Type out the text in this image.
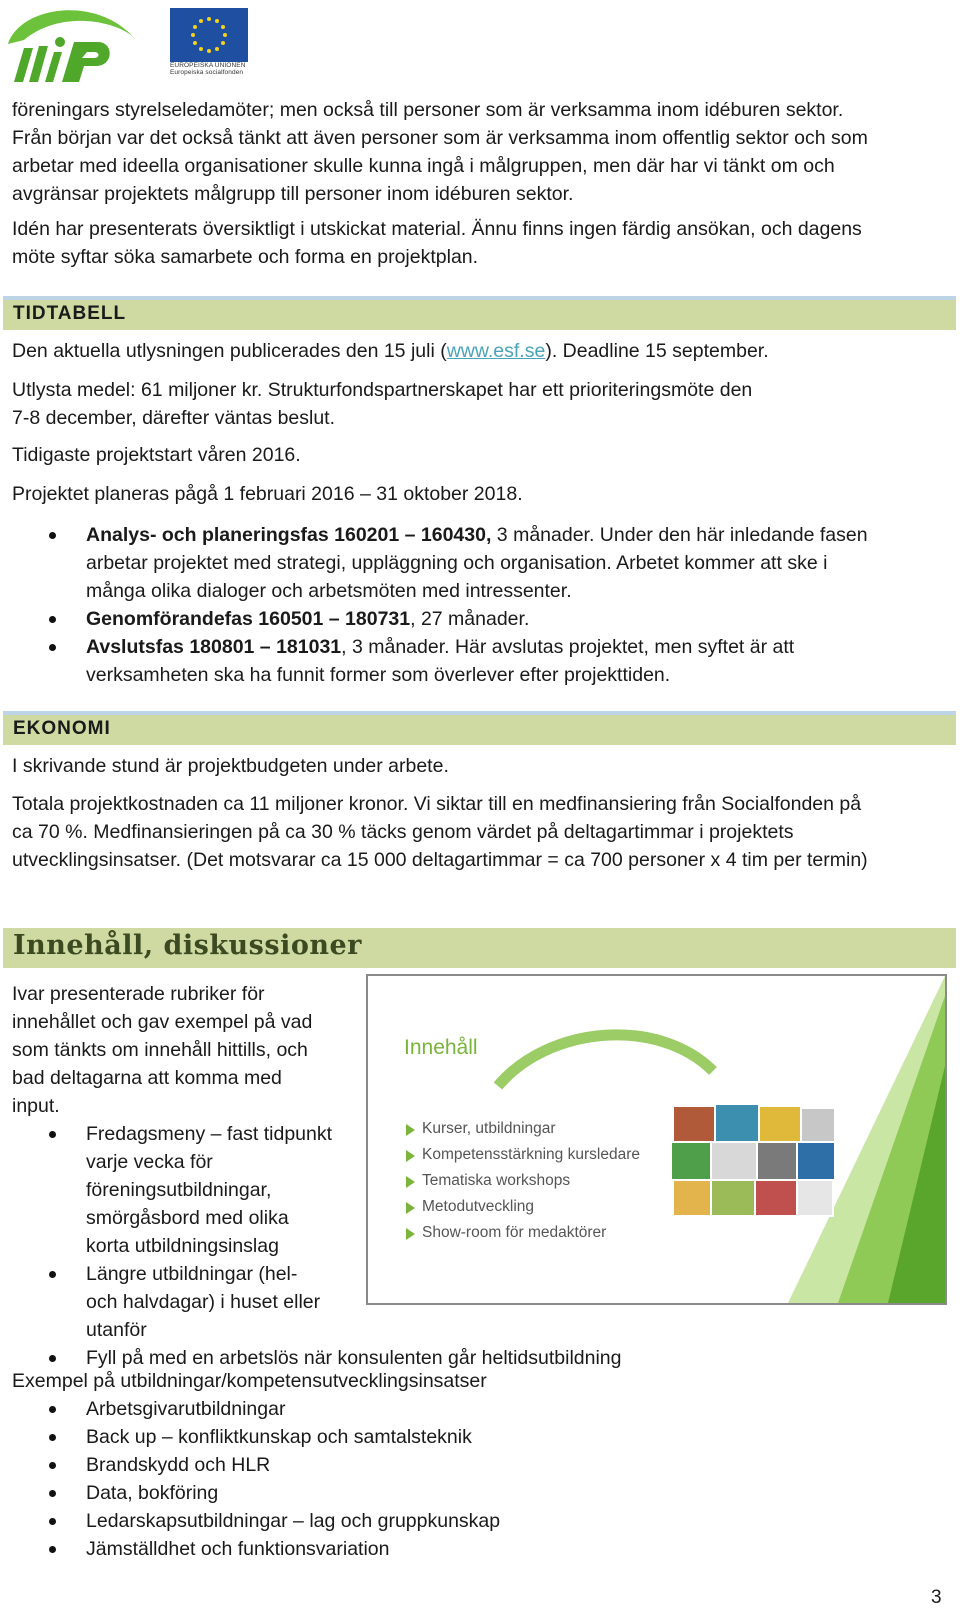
EUROPEISKA UNIONEN
Europeiska socialfonden

föreningars styrelseledamöter; men också till personer som är verksamma inom idéburen sektor.
Från början var det också tänkt att även personer som är verksamma inom offentlig sektor och som
arbetar med ideella organisationer skulle kunna ingå i målgruppen, men där har vi tänkt om och
avgränsar projektets målgrupp till personer inom idéburen sektor.

Idén har presenterats översiktligt i utskickat material. Ännu finns ingen färdig ansökan, och dagens
möte syftar söka samarbete och forma en projektplan.

TIDTABELL

Den aktuella utlysningen publicerades den 15 juli (www.esf.se). Deadline 15 september.

Utlysta medel: 61 miljoner kr. Strukturfondspartnerskapet har ett prioriteringsmöte den
7-8 december, därefter väntas beslut.

Tidigaste projektstart våren 2016.

Projektet planeras pågå 1 februari 2016 – 31 oktober 2018.

Analys- och planeringsfas 160201 – 160430, 3 månader. Under den här inledande fasen
arbetar projektet med strategi, uppläggning och organisation. Arbetet kommer att ske i
många olika dialoger och arbetsmöten med intressenter.
Genomförandefas 160501 – 180731, 27 månader.
Avslutsfas 180801 – 181031, 3 månader. Här avslutas projektet, men syftet är att
verksamheten ska ha funnit former som överlever efter projekttiden.
EKONOMI

I skrivande stund är projektbudgeten under arbete.

Totala projektkostnaden ca 11 miljoner kronor. Vi siktar till en medfinansiering från Socialfonden på
ca 70 %. Medfinansieringen på ca 30 % täcks genom värdet på deltagartimmar i projektets
utvecklingsinsatser. (Det motsvarar ca 15 000 deltagartimmar = ca 700 personer x 4 tim per termin)

Innehåll, diskussioner

Ivar presenterade rubriker för
innehållet och gav exempel på vad
som tänkts om innehåll hittills, och
bad deltagarna att komma med
input.

Fredagsmeny – fast tidpunkt
varje vecka för
föreningsutbildningar,
smörgåsbord med olika
korta utbildningsinslag
Längre utbildningar (hel-
och halvdagar) i huset eller
utanför
Fyll på med en arbetslös när konsulenten går heltidsutbildning

Exempel på utbildningar/kompetensutvecklingsinsatser

Arbetsgivarutbildningar
Back up – konfliktkunskap och samtalsteknik
Brandskydd och HLR
Data, bokföring
Ledarskapsutbildningar – lag och gruppkunskap
Jämställdhet och funktionsvariation
Innehåll
Kurser, utbildningar
Kompetensstärkning kursledare
Tematiska workshops
Metodutveckling
Show-room för medaktörer
3
